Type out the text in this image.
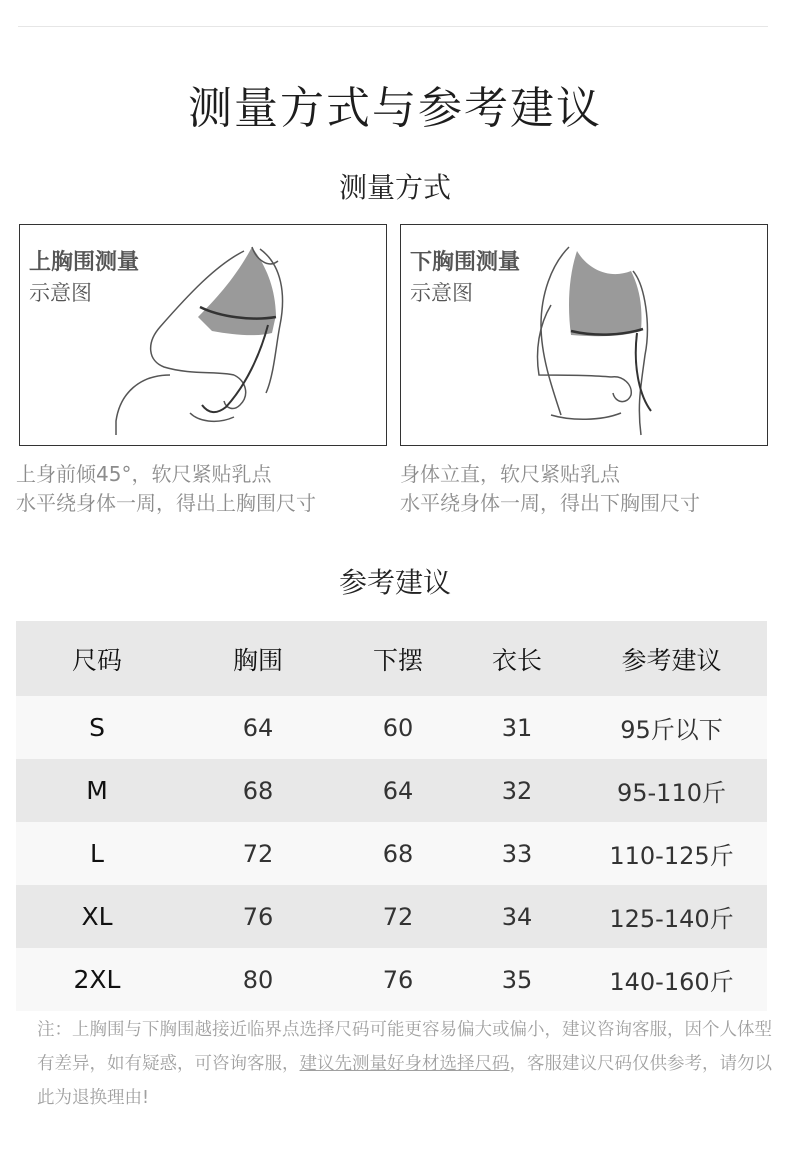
测量方式与参考建议
测量方式
上胸围测量
示意图
下胸围测量
示意图
上身前倾45°，软尺紧贴乳点
水平绕身体一周，得出上胸围尺寸
身体立直，软尺紧贴乳点
水平绕身体一周，得出下胸围尺寸
参考建议
尺码	胸围	下摆	衣长	参考建议
S	64	60	31	95斤以下
M	68	64	32	95-110斤
L	72	68	33	110-125斤
XL	76	72	34	125-140斤
2XL	80	76	35	140-160斤
注：上胸围与下胸围越接近临界点选择尺码可能更容易偏大或偏小，建议咨询客服，因个人体型有差异，如有疑惑，可咨询客服，建议先测量好身材选择尺码，客服建议尺码仅供参考，请勿以此为退换理由!
